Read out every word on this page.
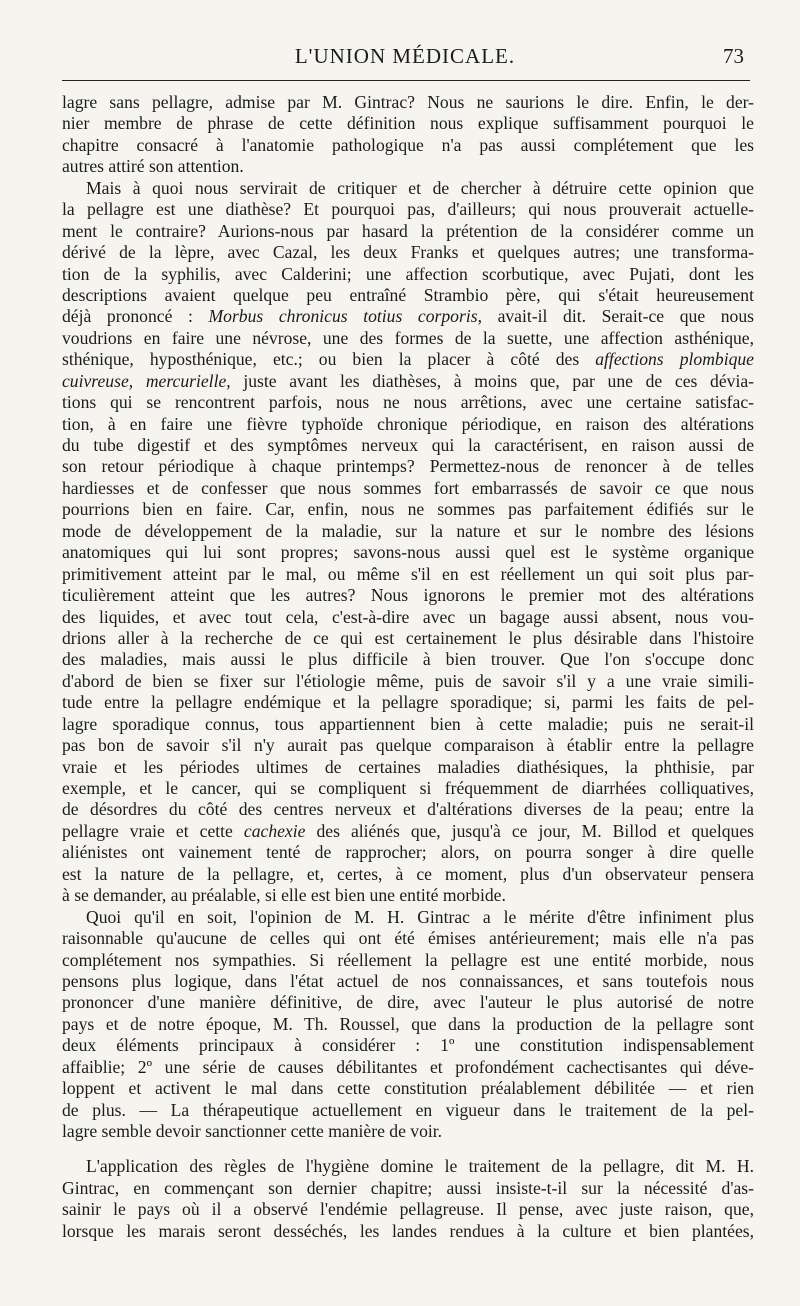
L'UNION MÉDICALE.	73
lagre sans pellagre, admise par M. Gintrac? Nous ne saurions le dire. Enfin, le der-
nier membre de phrase de cette définition nous explique suffisamment pourquoi le
chapitre consacré à l'anatomie pathologique n'a pas aussi complétement que les
autres attiré son attention.
Mais à quoi nous servirait de critiquer et de chercher à détruire cette opinion que
la pellagre est une diathèse? Et pourquoi pas, d'ailleurs; qui nous prouverait actuelle-
ment le contraire? Aurions-nous par hasard la prétention de la considérer comme un
dérivé de la lèpre, avec Cazal, les deux Franks et quelques autres; une transforma-
tion de la syphilis, avec Calderini; une affection scorbutique, avec Pujati, dont les
descriptions avaient quelque peu entraîné Strambio père, qui s'était heureusement
déjà prononcé : Morbus chronicus totius corporis, avait-il dit. Serait-ce que nous
voudrions en faire une névrose, une des formes de la suette, une affection asthénique,
sthénique, hyposthénique, etc.; ou bien la placer à côté des affections plombique
cuivreuse, mercurielle, juste avant les diathèses, à moins que, par une de ces dévia-
tions qui se rencontrent parfois, nous ne nous arrêtions, avec une certaine satisfac-
tion, à en faire une fièvre typhoïde chronique périodique, en raison des altérations
du tube digestif et des symptômes nerveux qui la caractérisent, en raison aussi de
son retour périodique à chaque printemps? Permettez-nous de renoncer à de telles
hardiesses et de confesser que nous sommes fort embarrassés de savoir ce que nous
pourrions bien en faire. Car, enfin, nous ne sommes pas parfaitement édifiés sur le
mode de développement de la maladie, sur la nature et sur le nombre des lésions
anatomiques qui lui sont propres; savons-nous aussi quel est le système organique
primitivement atteint par le mal, ou même s'il en est réellement un qui soit plus par-
ticulièrement atteint que les autres? Nous ignorons le premier mot des altérations
des liquides, et avec tout cela, c'est-à-dire avec un bagage aussi absent, nous vou-
drions aller à la recherche de ce qui est certainement le plus désirable dans l'histoire
des maladies, mais aussi le plus difficile à bien trouver. Que l'on s'occupe donc
d'abord de bien se fixer sur l'étiologie même, puis de savoir s'il y a une vraie simili-
tude entre la pellagre endémique et la pellagre sporadique; si, parmi les faits de pel-
lagre sporadique connus, tous appartiennent bien à cette maladie; puis ne serait-il
pas bon de savoir s'il n'y aurait pas quelque comparaison à établir entre la pellagre
vraie et les périodes ultimes de certaines maladies diathésiques, la phthisie, par
exemple, et le cancer, qui se compliquent si fréquemment de diarrhées colliquatives,
de désordres du côté des centres nerveux et d'altérations diverses de la peau; entre la
pellagre vraie et cette cachexie des aliénés que, jusqu'à ce jour, M. Billod et quelques
aliénistes ont vainement tenté de rapprocher; alors, on pourra songer à dire quelle
est la nature de la pellagre, et, certes, à ce moment, plus d'un observateur pensera
à se demander, au préalable, si elle est bien une entité morbide.
Quoi qu'il en soit, l'opinion de M. H. Gintrac a le mérite d'être infiniment plus
raisonnable qu'aucune de celles qui ont été émises antérieurement; mais elle n'a pas
complétement nos sympathies. Si réellement la pellagre est une entité morbide, nous
pensons plus logique, dans l'état actuel de nos connaissances, et sans toutefois nous
prononcer d'une manière définitive, de dire, avec l'auteur le plus autorisé de notre
pays et de notre époque, M. Th. Roussel, que dans la production de la pellagre sont
deux éléments principaux à considérer : 1º une constitution indispensablement
affaiblie; 2º une série de causes débilitantes et profondément cachectisantes qui déve-
loppent et activent le mal dans cette constitution préalablement débilitée — et rien
de plus. — La thérapeutique actuellement en vigueur dans le traitement de la pel-
lagre semble devoir sanctionner cette manière de voir.
L'application des règles de l'hygiène domine le traitement de la pellagre, dit M. H.
Gintrac, en commençant son dernier chapitre; aussi insiste-t-il sur la nécessité d'as-
sainir le pays où il a observé l'endémie pellagreuse. Il pense, avec juste raison, que,
lorsque les marais seront desséchés, les landes rendues à la culture et bien plantées,
